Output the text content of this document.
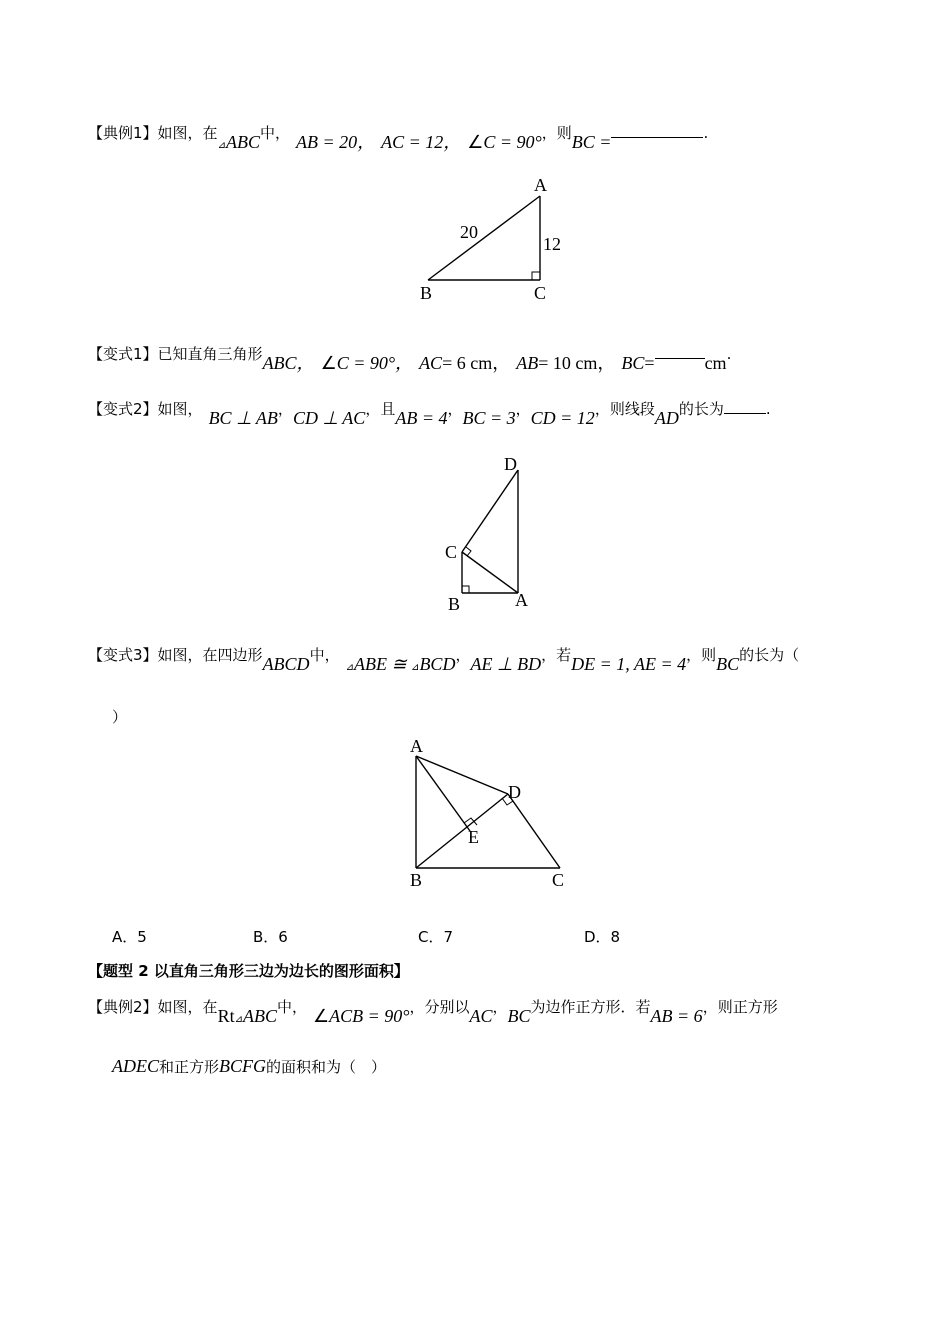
【典例1】如图，在$_⊿$ABC中， AB = 20， AC = 12， ∠C = 90°，则BC =	.
A
B	C
20
12
【变式1】已知直角三角形ABC， ∠C = 90°， AC= 6 cm， AB= 10 cm， BC=	cm.
【变式2】如图， BC ⊥ AB，CD ⊥ AC，且AB = 4，BC = 3，CD = 12，则线段AD的长为	.
D
C
B	A
【变式3】如图，在四边形ABCD中，$_⊿$ABE ≅ $_⊿$BCD，AE ⊥ BD，若DE = 1, AE = 4，则BC的长为（
）
A
D
E
B	C
A．5	B．6	C．7	D．8
【题型 2 以直角三角形三边为边长的图形面积】
【典例2】如图，在$Rt_⊿ABC$中， ∠ACB = 90°，分别以AC，BC为边作正方形．若AB = 6，则正方形
ADEC和正方形BCFG的面积和为（　）
